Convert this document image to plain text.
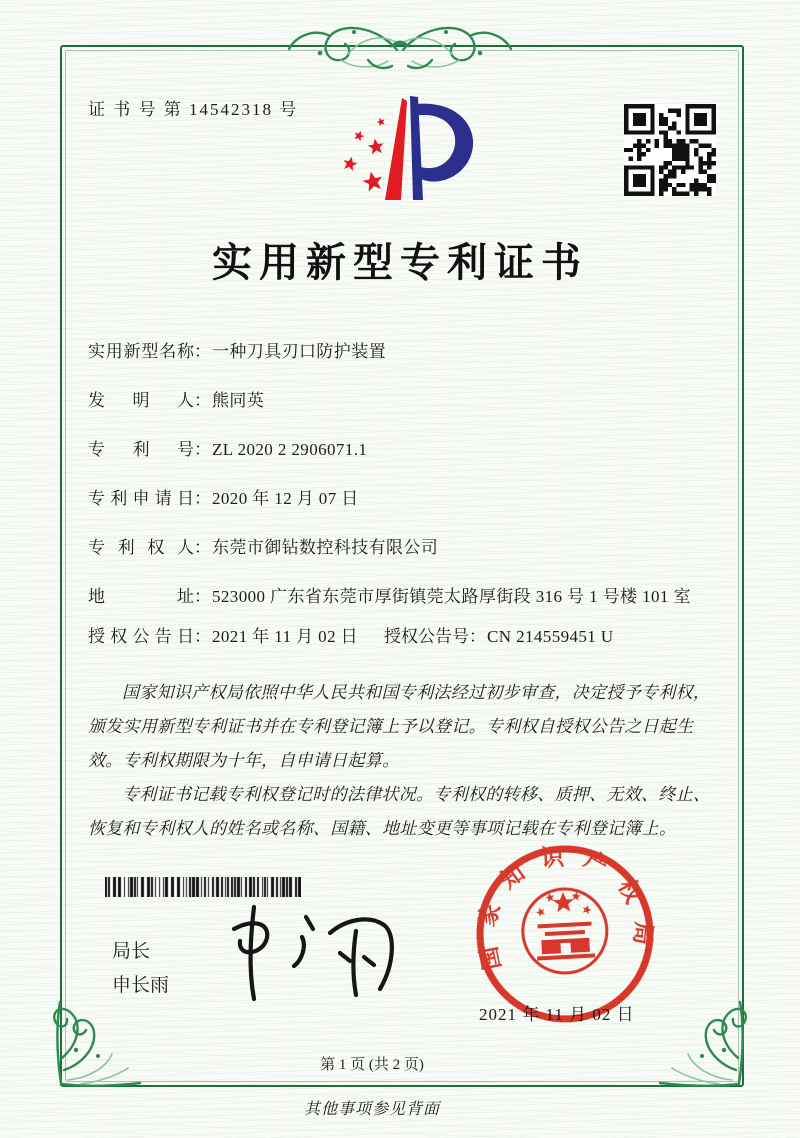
证 书 号 第 14542318 号
实用新型专利证书
实用新型名称：一种刀具刃口防护装置
发明人：熊同英
专利号：ZL 2020 2 2906071.1
专利申请日：2020 年 12 月 07 日
专利权人：东莞市御钻数控科技有限公司
地址：523000 广东省东莞市厚街镇莞太路厚街段 316 号 1 号楼 101 室
授权公告日：2021 年 11 月 02 日 授权公告号：CN 214559451 U

国家知识产权局依照中华人民共和国专利法经过初步审查，决定授予专利权，颁发实用新型专利证书并在专利登记簿上予以登记。专利权自授权公告之日起生效。专利权期限为十年，自申请日起算。

专利证书记载专利权登记时的法律状况。专利权的转移、质押、无效、终止、恢复和专利权人的姓名或名称、国籍、地址变更等事项记载在专利登记簿上。

局长
申长雨
国家知识产权局
2021 年 11 月 02 日
第 1 页 (共 2 页)
其他事项参见背面
